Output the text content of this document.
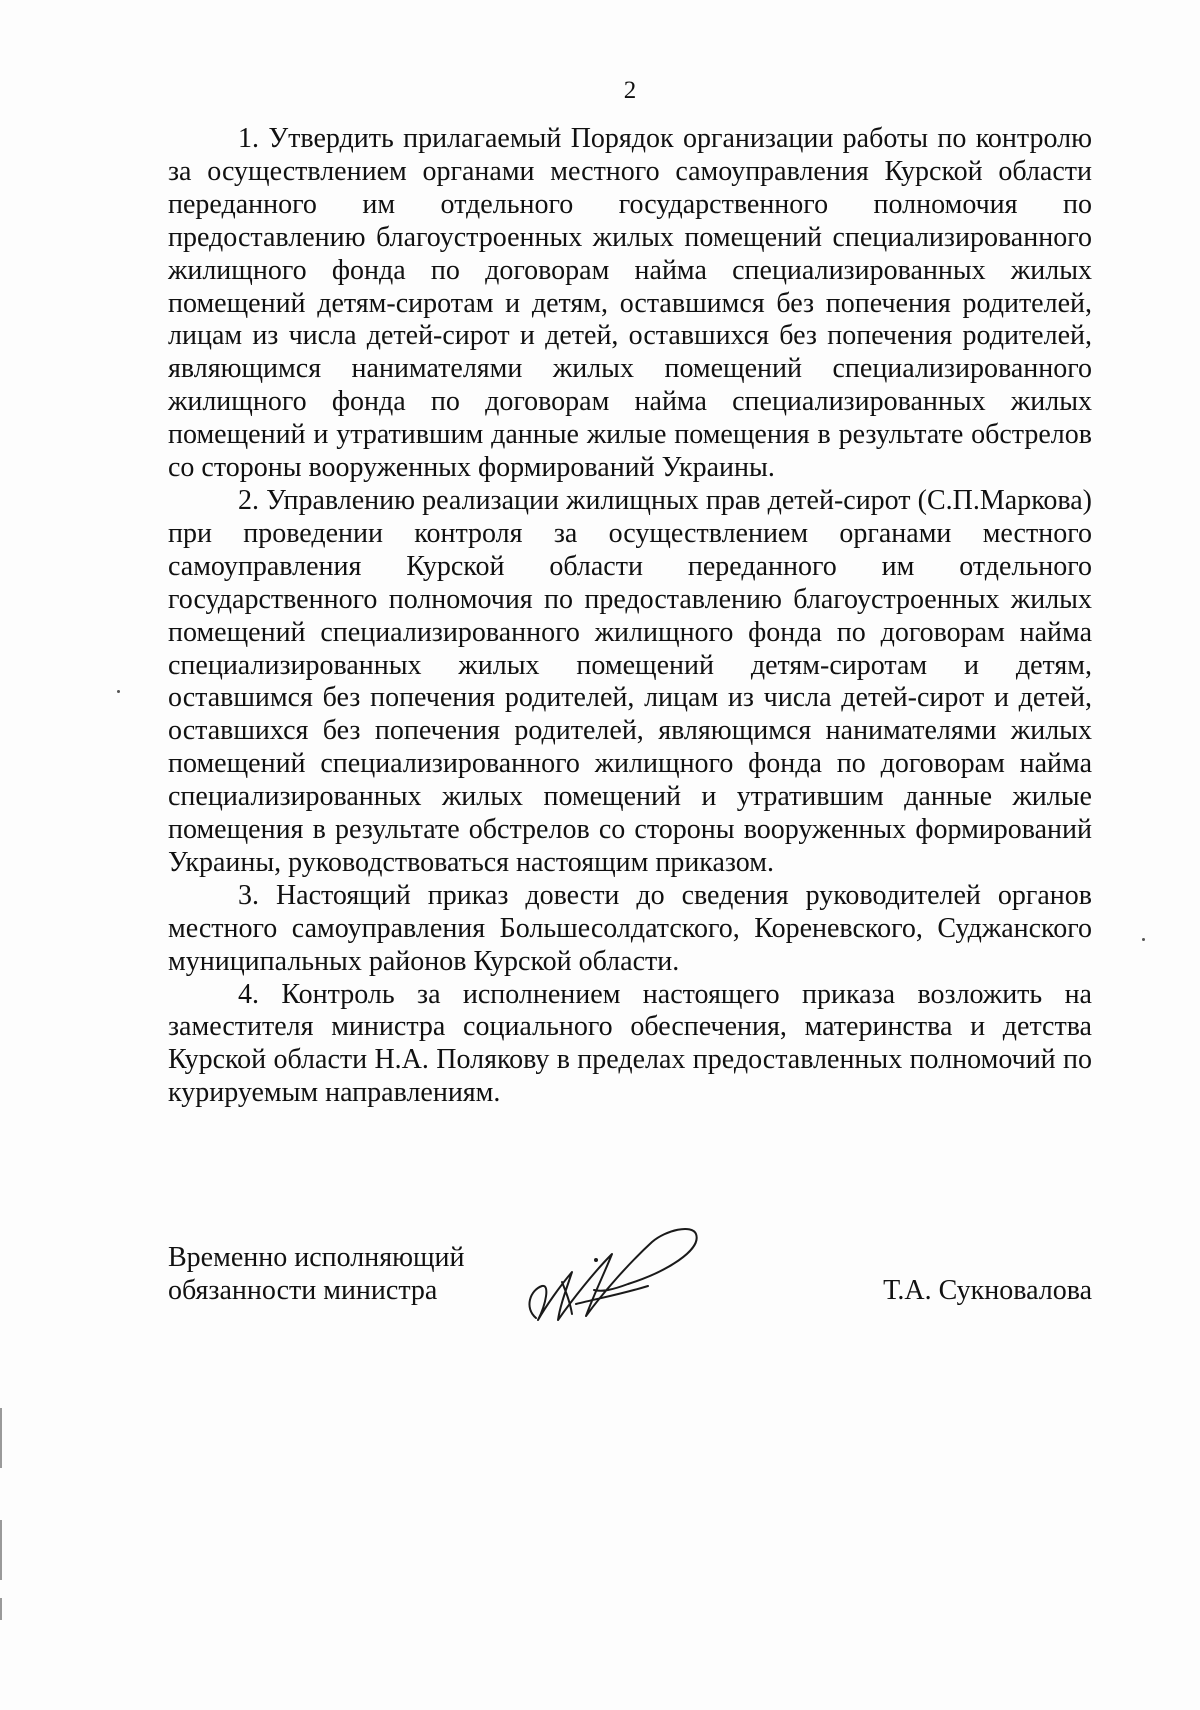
2

1. Утвердить прилагаемый Порядок организации работы по контролю за осуществлением органами местного самоуправления Курской области переданного им отдельного государственного полномочия по предоставлению благоустроенных жилых помещений специализированного жилищного фонда по договорам найма специализированных жилых помещений детям-сиротам и детям, оставшимся без попечения родителей, лицам из числа детей-сирот и детей, оставшихся без попечения родителей, являющимся нанимателями жилых помещений специализированного жилищного фонда по договорам найма специализированных жилых помещений и утратившим данные жилые помещения в результате обстрелов со стороны вооруженных формирований Украины.

2. Управлению реализации жилищных прав детей-сирот (С.П.Маркова) при проведении контроля за осуществлением органами местного самоуправления Курской области переданного им отдельного государственного полномочия по предоставлению благоустроенных жилых помещений специализированного жилищного фонда по договорам найма специализированных жилых помещений детям-сиротам и детям, оставшимся без попечения родителей, лицам из числа детей-сирот и детей, оставшихся без попечения родителей, являющимся нанимателями жилых помещений специализированного жилищного фонда по договорам найма специализированных жилых помещений и утратившим данные жилые помещения в результате обстрелов со стороны вооруженных формирований Украины, руководствоваться настоящим приказом.

3. Настоящий приказ довести до сведения руководителей органов местного самоуправления Большесолдатского, Кореневского, Суджанского муниципальных районов Курской области.

4. Контроль за исполнением настоящего приказа возложить на заместителя министра социального обеспечения, материнства и детства Курской области Н.А. Полякову в пределах предоставленных полномочий по курируемым направлениям.

Временно исполняющий
обязанности министра	Т.А. Сукновалова
